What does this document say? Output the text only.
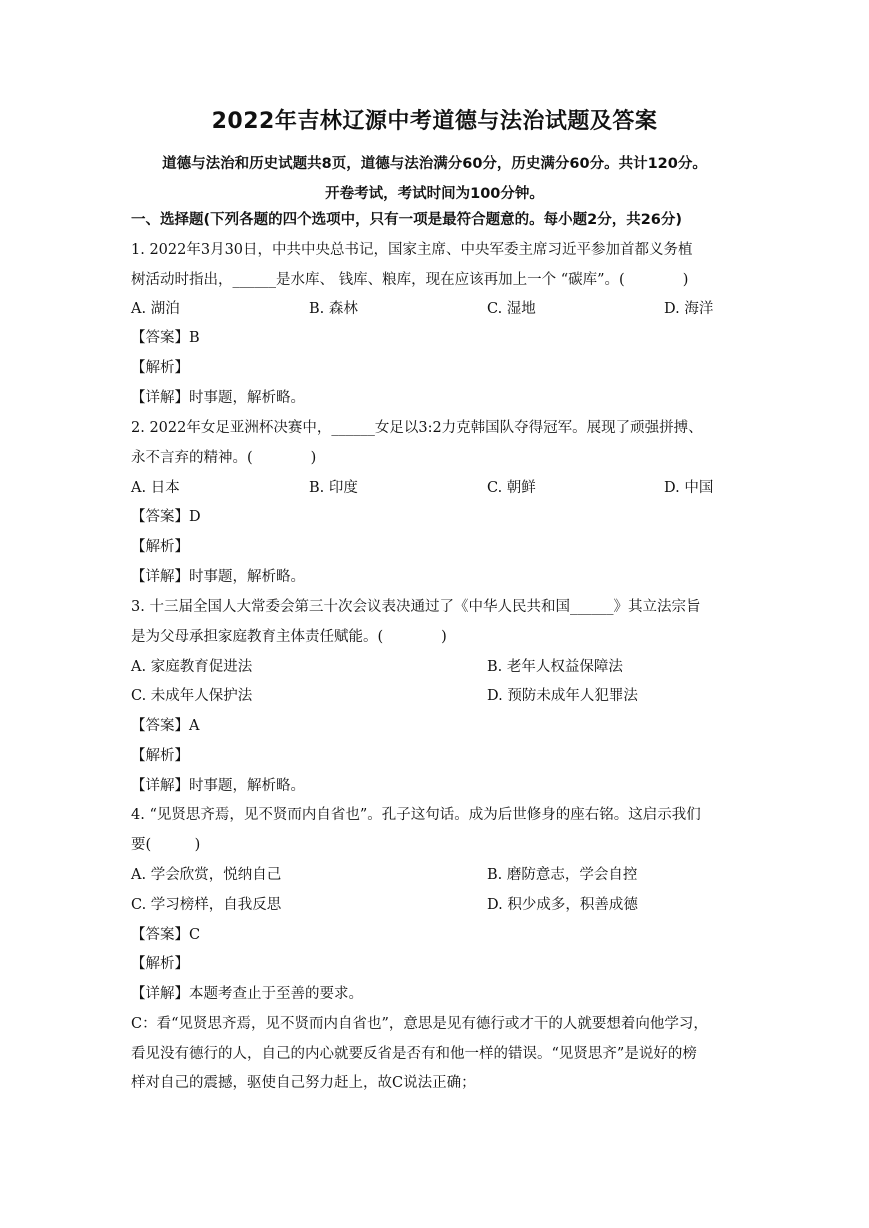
2022年吉林辽源中考道德与法治试题及答案
道德与法治和历史试题共8页，道德与法治满分60分，历史满分60分。共计120分。
开卷考试，考试时间为100分钟。
一、选择题(下列各题的四个选项中，只有一项是最符合题意的。每小题2分，共26分)
1. 2022年3月30日，中共中央总书记，国家主席、中央军委主席习近平参加首都义务植
树活动时指出，______是水库、 钱库、粮库，现在应该再加上一个 “碳库”。(　　　　)
A. 湖泊	B. 森林	C. 湿地	D. 海洋
【答案】B
【解析】
【详解】时事题，解析略。
2. 2022年女足亚洲杯决赛中，______女足以3:2力克韩国队夺得冠军。展现了顽强拼搏、
永不言弃的精神。(　　　　)
A. 日本	B. 印度	C. 朝鲜	D. 中国
【答案】D
【解析】
【详解】时事题，解析略。
3. 十三届全国人大常委会第三十次会议表决通过了《中华人民共和国______》其立法宗旨
是为父母承担家庭教育主体责任赋能。(　　　　)
A. 家庭教育促进法	B. 老年人权益保障法
C. 未成年人保护法	D. 预防未成年人犯罪法
【答案】A
【解析】
【详解】时事题，解析略。
4. “见贤思齐焉，见不贤而内自省也”。孔子这句话。成为后世修身的座右铭。这启示我们
要(　　　)
A. 学会欣赏，悦纳自己	B. 磨防意志，学会自控
C. 学习榜样，自我反思	D. 积少成多，积善成德
【答案】C
【解析】
【详解】本题考查止于至善的要求。
C：看“见贤思齐焉，见不贤而内自省也”，意思是见有德行或才干的人就要想着向他学习，
看见没有德行的人，自己的内心就要反省是否有和他一样的错误。“见贤思齐”是说好的榜
样对自己的震撼，驱使自己努力赶上，故C说法正确；
